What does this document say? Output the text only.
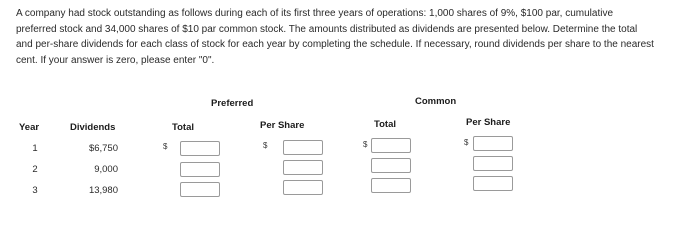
A company had stock outstanding as follows during each of its first three years of operations: 1,000 shares of 9%, $100 par, cumulative

preferred stock and 34,000 shares of $10 par common stock. The amounts distributed as dividends are presented below. Determine the total

and per-share dividends for each class of stock for each year by completing the schedule. If necessary, round dividends per share to the nearest

cent. If your answer is zero, please enter "0".

Preferred	Common
Year	Dividends	Total	Per Share	Total	Per Share
1	$6,750	$	$	$	$
2	9,000
3	13,980
